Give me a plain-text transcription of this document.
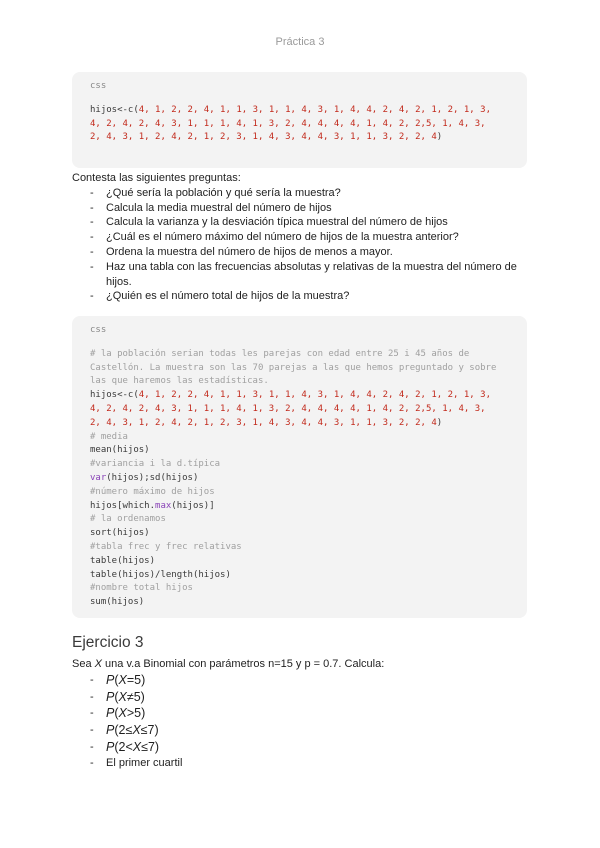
Práctica 3
css
hijos<-c(4, 1, 2, 2, 4, 1, 1, 3, 1, 1, 4, 3, 1, 4, 4, 2, 4, 2, 1, 2, 1, 3,
4, 2, 4, 2, 4, 3, 1, 1, 1, 4, 1, 3, 2, 4, 4, 4, 4, 1, 4, 2, 2,5, 1, 4, 3,
2, 4, 3, 1, 2, 4, 2, 1, 2, 3, 1, 4, 3, 4, 4, 3, 1, 1, 3, 2, 2, 4)
Contesta las siguientes preguntas:
- ¿Qué sería la población y qué sería la muestra?
- Calcula la media muestral del número de hijos
- Calcula la varianza y la desviación típica muestral del número de hijos
- ¿Cuál es el número máximo del número de hijos de la muestra anterior?
- Ordena la muestra del número de hijos de menos a mayor.
- Haz una tabla con las frecuencias absolutas y relativas de la muestra del número de hijos.
- ¿Quién es el número total de hijos de la muestra?
css
# la población serian todas les parejas con edad entre 25 i 45 años de
Castellón. La muestra son las 70 parejas a las que hemos preguntado y sobre
las que haremos las estadísticas.
hijos<-c(4, 1, 2, 2, 4, 1, 1, 3, 1, 1, 4, 3, 1, 4, 4, 2, 4, 2, 1, 2, 1, 3,
4, 2, 4, 2, 4, 3, 1, 1, 1, 4, 1, 3, 2, 4, 4, 4, 4, 1, 4, 2, 2,5, 1, 4, 3,
2, 4, 3, 1, 2, 4, 2, 1, 2, 3, 1, 4, 3, 4, 4, 3, 1, 1, 3, 2, 2, 4)
# media
mean(hijos)
#variancia i la d.típica
var(hijos);sd(hijos)
#número máximo de hijos
hijos[which.max(hijos)]
# la ordenamos
sort(hijos)
#tabla frec y frec relativas
table(hijos)
table(hijos)/length(hijos)
#nombre total hijos
sum(hijos)
Ejercicio 3
Sea X una v.a Binomial con parámetros n=15 y p = 0.7. Calcula:
- P(X=5)
- P(X≠5)
- P(X>5)
- P(2≤X≤7)
- P(2<X≤7)
- El primer cuartil
